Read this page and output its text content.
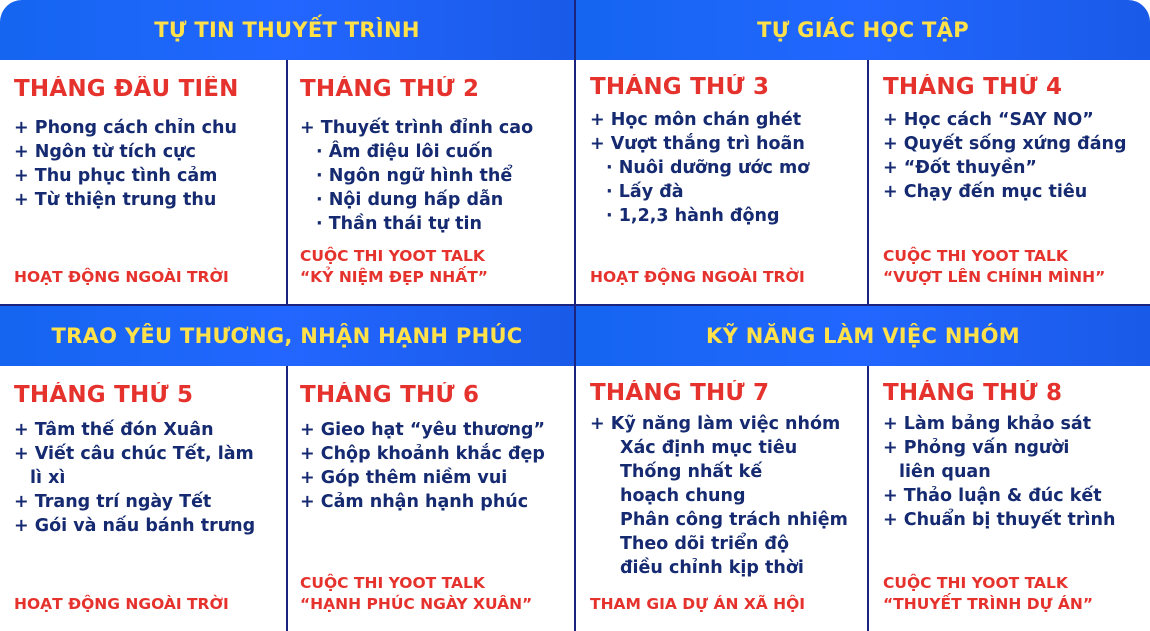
TỰ TIN THUYẾT TRÌNH	TỰ GIÁC HỌC TẬP
TRAO YÊU THƯƠNG, NHẬN HẠNH PHÚC	KỸ NĂNG LÀM VIỆC NHÓM
THÁNG ĐẦU TIÊN
+ Phong cách chỉn chu
+ Ngôn từ tích cực
+ Thu phục tình cảm
+ Từ thiện trung thu
HOẠT ĐỘNG NGOÀI TRỜI
THÁNG THỨ 2
+ Thuyết trình đỉnh cao
· Âm điệu lôi cuốn
· Ngôn ngữ hình thể
· Nội dung hấp dẫn
· Thần thái tự tin
CUỘC THI YOOT TALK
“KỶ NIỆM ĐẸP NHẤT”
THÁNG THỨ 3
+ Học môn chán ghét
+ Vượt thắng trì hoãn
· Nuôi dưỡng ước mơ
· Lấy đà
· 1,2,3 hành động
HOẠT ĐỘNG NGOÀI TRỜI
THÁNG THỨ 4
+ Học cách “SAY NO”
+ Quyết sống xứng đáng
+ “Đốt thuyền”
+ Chạy đến mục tiêu
CUỘC THI YOOT TALK
“VƯỢT LÊN CHÍNH MÌNH”
THÁNG THỨ 5
+ Tâm thế đón Xuân
+ Viết câu chúc Tết, làm
lì xì
+ Trang trí ngày Tết
+ Gói và nấu bánh trưng
HOẠT ĐỘNG NGOÀI TRỜI
THÁNG THỨ 6
+ Gieo hạt “yêu thương”
+ Chộp khoảnh khắc đẹp
+ Góp thêm niềm vui
+ Cảm nhận hạnh phúc
CUỘC THI YOOT TALK
“HẠNH PHÚC NGÀY XUÂN”
THÁNG THỨ 7
+ Kỹ năng làm việc nhóm
Xác định mục tiêu
Thống nhất kế
hoạch chung
Phân công trách nhiệm
Theo dõi triển độ
điều chỉnh kịp thời
THAM GIA DỰ ÁN XÃ HỘI
THÁNG THỨ 8
+ Làm bảng khảo sát
+ Phỏng vấn người
liên quan
+ Thảo luận & đúc kết
+ Chuẩn bị thuyết trình
CUỘC THI YOOT TALK
“THUYẾT TRÌNH DỰ ÁN”
